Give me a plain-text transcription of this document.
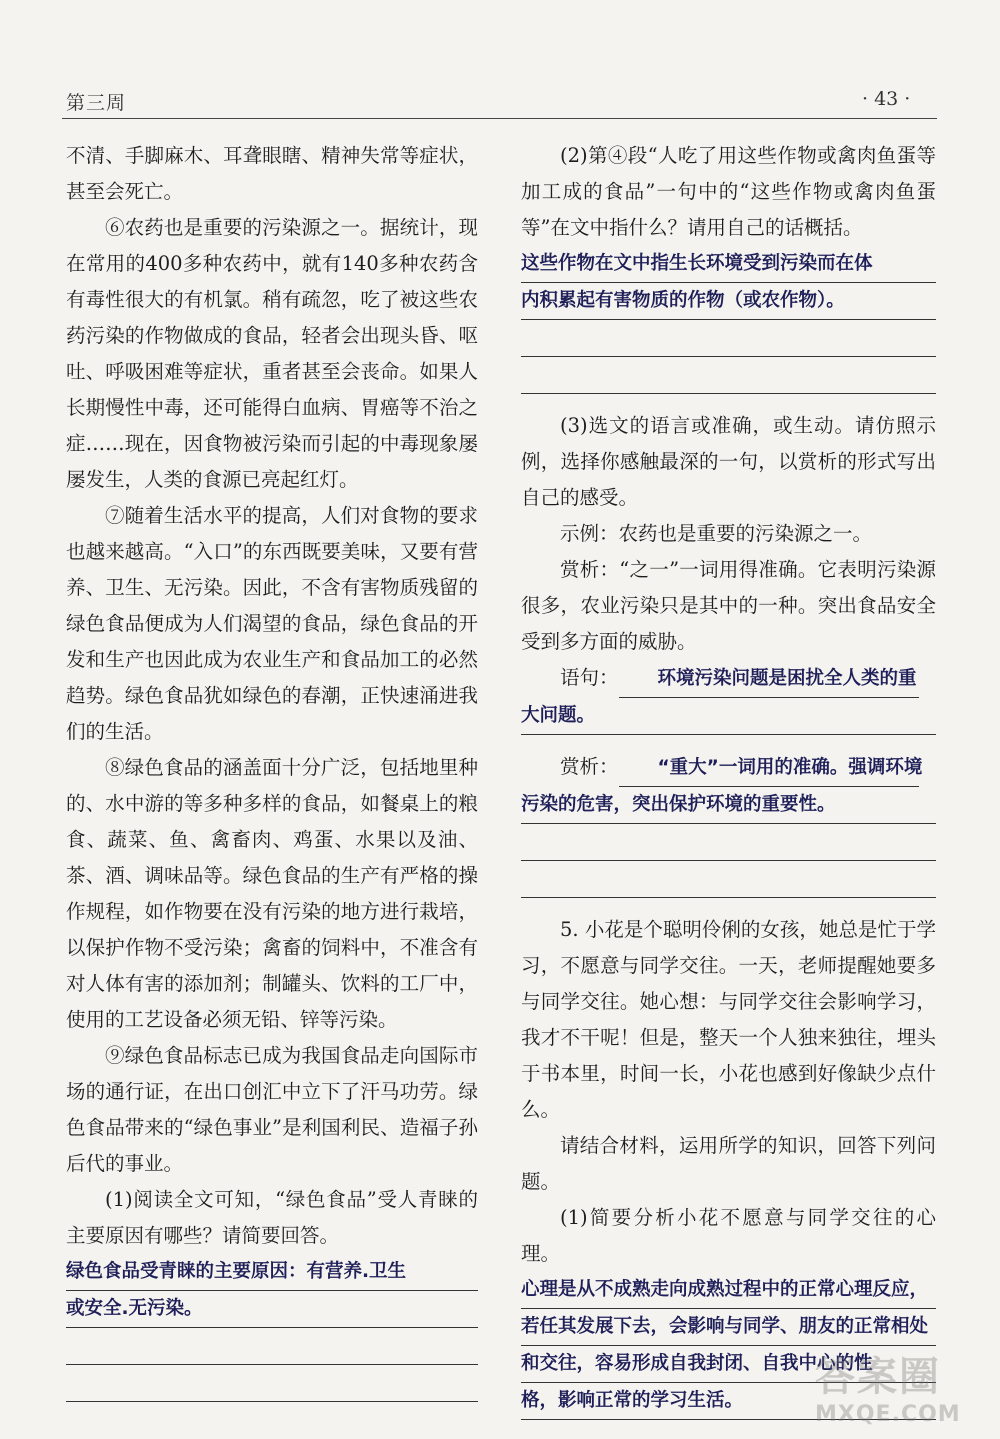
第三周	· 43 ·

不清、手脚麻木、耳聋眼瞎、精神失常等症状，甚至会死亡。

⑥农药也是重要的污染源之一。据统计，现在常用的400多种农药中，就有140多种农药含有毒性很大的有机氯。稍有疏忽，吃了被这些农药污染的作物做成的食品，轻者会出现头昏、呕吐、呼吸困难等症状，重者甚至会丧命。如果人长期慢性中毒，还可能得白血病、胃癌等不治之症……现在，因食物被污染而引起的中毒现象屡屡发生，人类的食源已亮起红灯。

⑦随着生活水平的提高，人们对食物的要求也越来越高。“入口”的东西既要美味，又要有营养、卫生、无污染。因此，不含有害物质残留的绿色食品便成为人们渴望的食品，绿色食品的开发和生产也因此成为农业生产和食品加工的必然趋势。绿色食品犹如绿色的春潮，正快速涌进我们的生活。

⑧绿色食品的涵盖面十分广泛，包括地里种的、水中游的等多种多样的食品，如餐桌上的粮食、蔬菜、鱼、禽畜肉、鸡蛋、水果以及油、茶、酒、调味品等。绿色食品的生产有严格的操作规程，如作物要在没有污染的地方进行栽培，以保护作物不受污染；禽畜的饲料中，不准含有对人体有害的添加剂；制罐头、饮料的工厂中，使用的工艺设备必须无铅、锌等污染。

⑨绿色食品标志已成为我国食品走向国际市场的通行证，在出口创汇中立下了汗马功劳。绿色食品带来的“绿色事业”是利国利民、造福子孙后代的事业。

(1)阅读全文可知，“绿色食品”受人青睐的主要原因有哪些？请简要回答。

绿色食品受青睐的主要原因：有营养.卫生
或安全.无污染。

(2)第④段“人吃了用这些作物或禽肉鱼蛋等加工成的食品”一句中的“这些作物或禽肉鱼蛋等”在文中指什么？请用自己的话概括。

这些作物在文中指生长环境受到污染而在体
内积累起有害物质的作物（或农作物）。

(3)选文的语言或准确，或生动。请仿照示例，选择你感触最深的一句，以赏析的形式写出自己的感受。

示例：农药也是重要的污染源之一。

赏析：“之一”一词用得准确。它表明污染源很多，农业污染只是其中的一种。突出食品安全受到多方面的威胁。

语句： 环境污染问题是困扰全人类的重

大问题。

赏析： “重大”一词用的准确。强调环境

污染的危害，突出保护环境的重要性。

5. 小花是个聪明伶俐的女孩，她总是忙于学习，不愿意与同学交往。一天，老师提醒她要多与同学交往。她心想：与同学交往会影响学习，我才不干呢！但是，整天一个人独来独往，埋头于书本里，时间一长，小花也感到好像缺少点什么。

请结合材料，运用所学的知识，回答下列问题。

(1)简要分析小花不愿意与同学交往的心理。

心理是从不成熟走向成熟过程中的正常心理反应，
若任其发展下去，会影响与同学、朋友的正常相处
和交往，容易形成自我封闭、自我中心的性
格，影响正常的学习生活。
答案圈
MXQE.COM
